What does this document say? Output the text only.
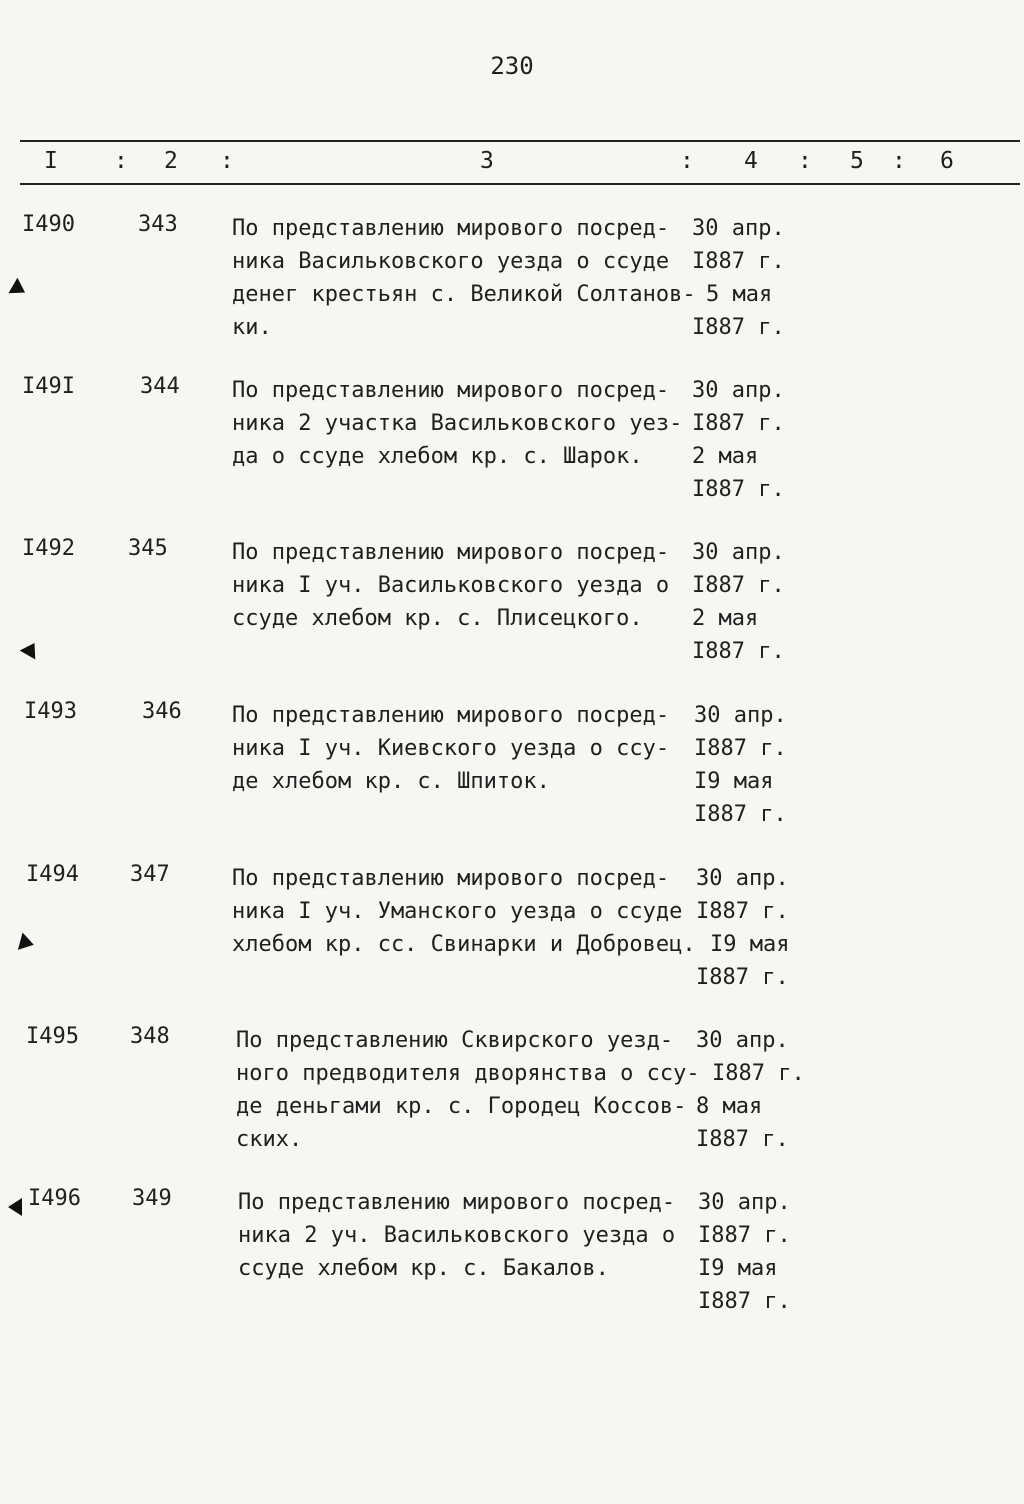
230
I : 2 :	3	: 4 : 5 : 6
I490	343 По представлению мирового посред-
ника Васильковского уезда о ссуде
денег крестьян с. Великой Солтанов-
ки.
30 апр.
I887 г.
5 мая
I887 г.
I49I	344 По представлению мирового посред-
ника 2 участка Васильковского уез-
да о ссуде хлебом кр. с. Шарок.
30 апр.
I887 г.
2 мая
I887 г.
I492 345	По представлению мирового посред-
ника I уч. Васильковского уезда о
ссуде хлебом кр. с. Плисецкого.
30 апр.
I887 г.
2 мая
I887 г.
I493	346 По представлению мирового посред-
ника I уч. Киевского уезда о ссу-
де хлебом кр. с. Шпиток.
30 апр.
I887 г.
I9 мая
I887 г.
I494 347	По представлению мирового посред-
ника I уч. Уманского уезда о ссуде
хлебом кр. сс. Свинарки и Добровец.
30 апр.
I887 г.
I9 мая
I887 г.
I495 348	По представлению Сквирского уезд-
ного предводителя дворянства о ссу-
де деньгами кр. с. Городец Коссов-
ских.
30 апр.
I887 г.
8 мая
I887 г.
I496 349	По представлению мирового посред-
ника 2 уч. Васильковского уезда о
ссуде хлебом кр. с. Бакалов.
30 апр.
I887 г.
I9 мая
I887 г.
